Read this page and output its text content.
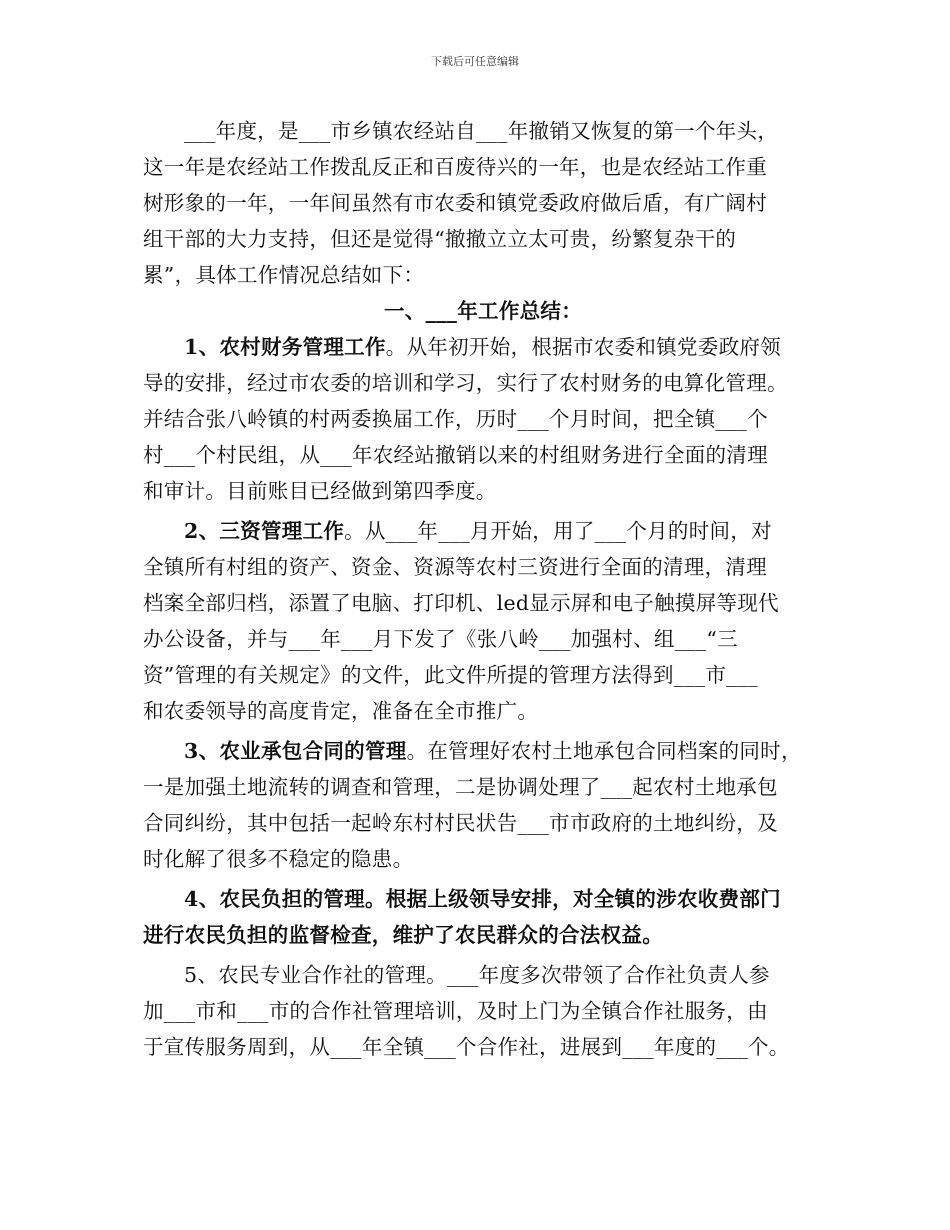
下载后可任意编辑
___年度，是___市乡镇农经站自___年撤销又恢复的第一个年头，
这一年是农经站工作拨乱反正和百废待兴的一年，也是农经站工作重
树形象的一年，一年间虽然有市农委和镇党委政府做后盾，有广阔村
组干部的大力支持，但还是觉得“撤撤立立太可贵，纷繁复杂干的
累”，具体工作情况总结如下：
一、___年工作总结：
1、农村财务管理工作。从年初开始，根据市农委和镇党委政府领
导的安排，经过市农委的培训和学习，实行了农村财务的电算化管理。
并结合张八岭镇的村两委换届工作，历时___个月时间，把全镇___个
村___个村民组，从___年农经站撤销以来的村组财务进行全面的清理
和审计。目前账目已经做到第四季度。
2、三资管理工作。从___年___月开始，用了___个月的时间，对
全镇所有村组的资产、资金、资源等农村三资进行全面的清理，清理
档案全部归档，添置了电脑、打印机、led显示屏和电子触摸屏等现代
办公设备，并与___年___月下发了《张八岭___加强村、组___“三
资”管理的有关规定》的文件，此文件所提的管理方法得到___市___
和农委领导的高度肯定，准备在全市推广。
3、农业承包合同的管理。在管理好农村土地承包合同档案的同时，
一是加强土地流转的调查和管理，二是协调处理了___起农村土地承包
合同纠纷，其中包括一起岭东村村民状告___市市政府的土地纠纷，及
时化解了很多不稳定的隐患。
4、农民负担的管理。根据上级领导安排，对全镇的涉农收费部门
进行农民负担的监督检查，维护了农民群众的合法权益。
5、农民专业合作社的管理。___年度多次带领了合作社负责人参
加___市和___市的合作社管理培训，及时上门为全镇合作社服务，由
于宣传服务周到，从___年全镇___个合作社，进展到___年度的___个。
